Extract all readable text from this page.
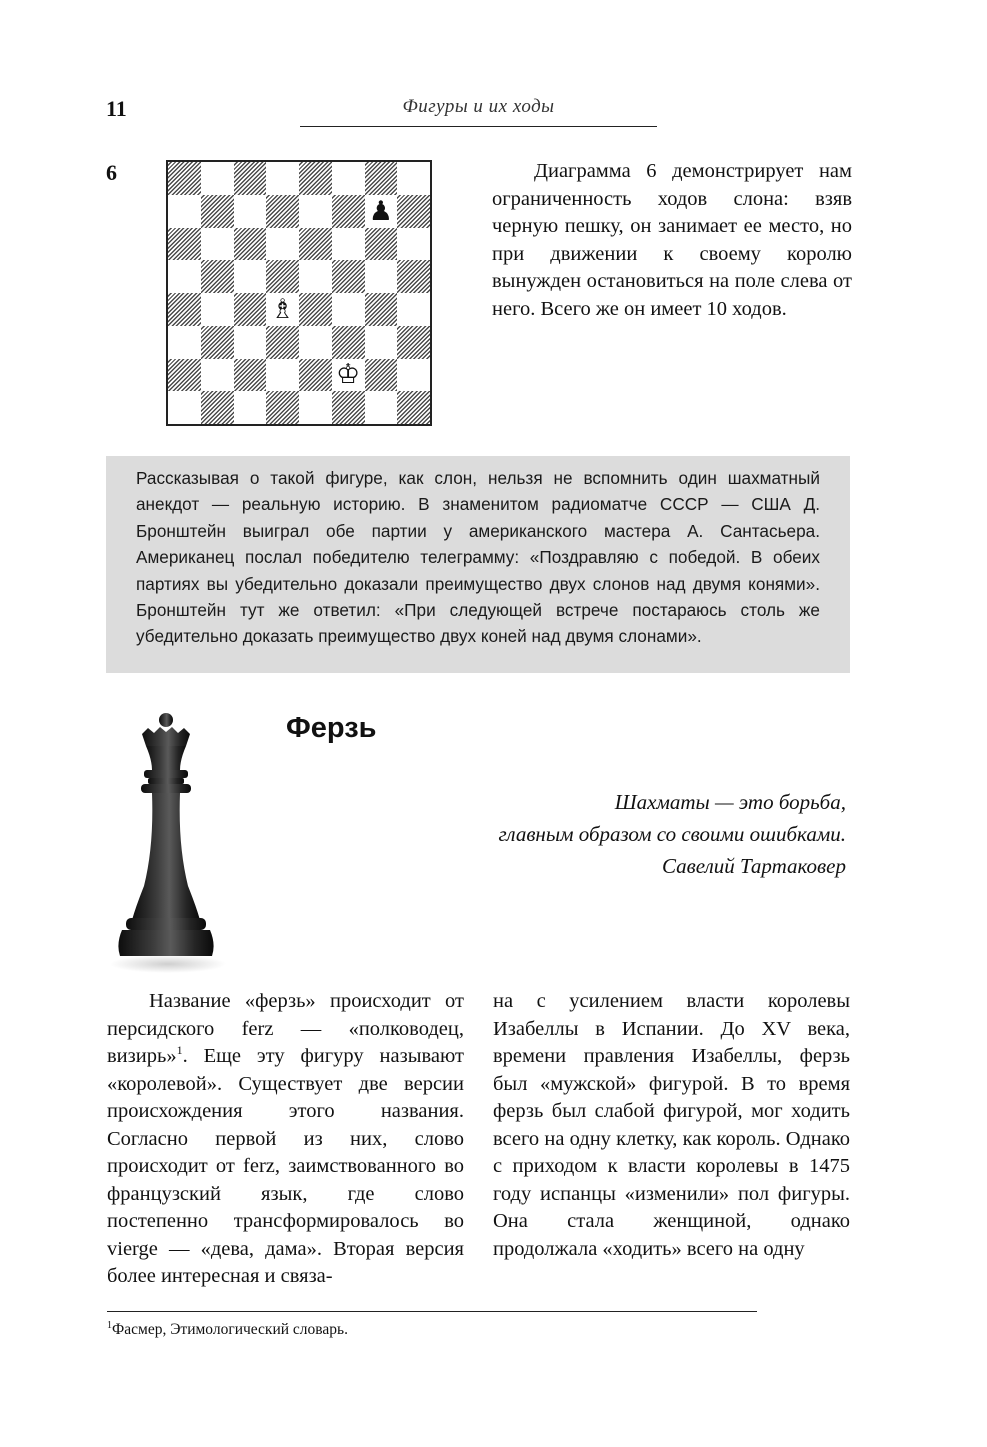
11	Фигуры и их ходы
6
♟
♗
♔
Диаграмма 6 демонстрирует нам ограниченность ходов слона: взяв черную пешку, он занимает ее место, но при движении к своему королю вынужден остановиться на поле слева от него. Всего же он имеет 10 ходов.
Рассказывая о такой фигуре, как слон, нельзя не вспомнить один шахматный анекдот — реальную историю. В знаменитом радиоматче СССР — США Д. Бронштейн выиграл обе партии у американского мастера А. Сантасьера. Американец послал победителю телеграмму: «Поздравляю с победой. В обеих партиях вы убедительно доказали преимущество двух слонов над двумя конями». Бронштейн тут же ответил: «При следующей встрече постараюсь столь же убедительно доказать преимущество двух коней над двумя слонами».
Ферзь
Шахматы — это борьба,
главным образом со своими ошибками.
Савелий Тартаковер
Название «ферзь» происходит от персидского ferz — «полководец, визирь»$^1$. Еще эту фигуру называют «королевой». Существует две версии происхождения этого названия. Согласно первой из них, слово происходит от ferz, заимствованного во французский язык, где слово постепенно трансформировалось во vierge — «дева, дама». Вторая версия более интересная и связа-
на с усилением власти королевы Изабеллы в Испании. До XV века, времени правления Изабеллы, ферзь был «мужской» фигурой. В то время ферзь был слабой фигурой, мог ходить всего на одну клетку, как король. Однако с приходом к власти королевы в 1475 году испанцы «изменили» пол фигуры. Она стала женщиной, однако продолжала «ходить» всего на одну
$^1$Фасмер, Этимологический словарь.
